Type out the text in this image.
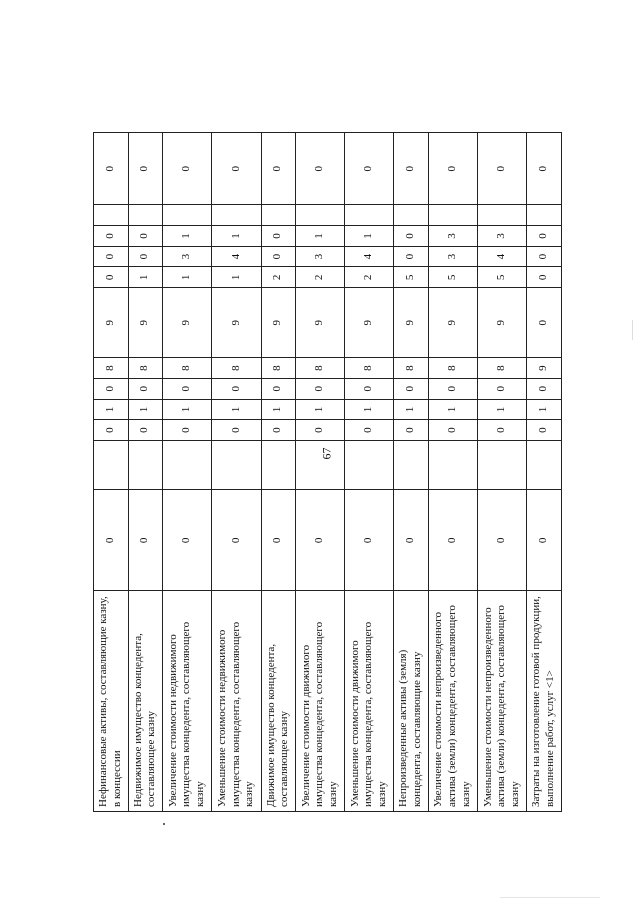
67
Нефинансовые активы, составляющие казну, в концессии	0		0	1	0	8	9	0	0	0		0
Недвижимое имущество концедента, составляющее казну	0		0	1	0	8	9	1	0	0		0
Увеличение стоимости недвижимого имущества концедента, составляющего казну	0		0	1	0	8	9	1	3	1		0
Уменьшение стоимости недвижимого имущества концедента, составляющего казну	0		0	1	0	8	9	1	4	1		0
Движимое имущество концедента, составляющее казну	0		0	1	0	8	9	2	0	0		0
Увеличение стоимости движимого имущества концедента, составляющего казну	0		0	1	0	8	9	2	3	1		0
Уменьшение стоимости движимого имущества концедента, составляющего казну	0		0	1	0	8	9	2	4	1		0
Непроизведенные активы (земля) концедента, составляющие казну	0		0	1	0	8	9	5	0	0		0
Увеличение стоимости непроизведенного актива (земли) концедента, составляющего казну	0		0	1	0	8	9	5	3	3		0
Уменьшение стоимости непроизведенного актива (земли) концедента, составляющего казну	0		0	1	0	8	9	5	4	3		0
Затраты на изготовление готовой продукции, выполнение работ, услуг <1>	0		0	1	0	9	0	0	0	0		0
